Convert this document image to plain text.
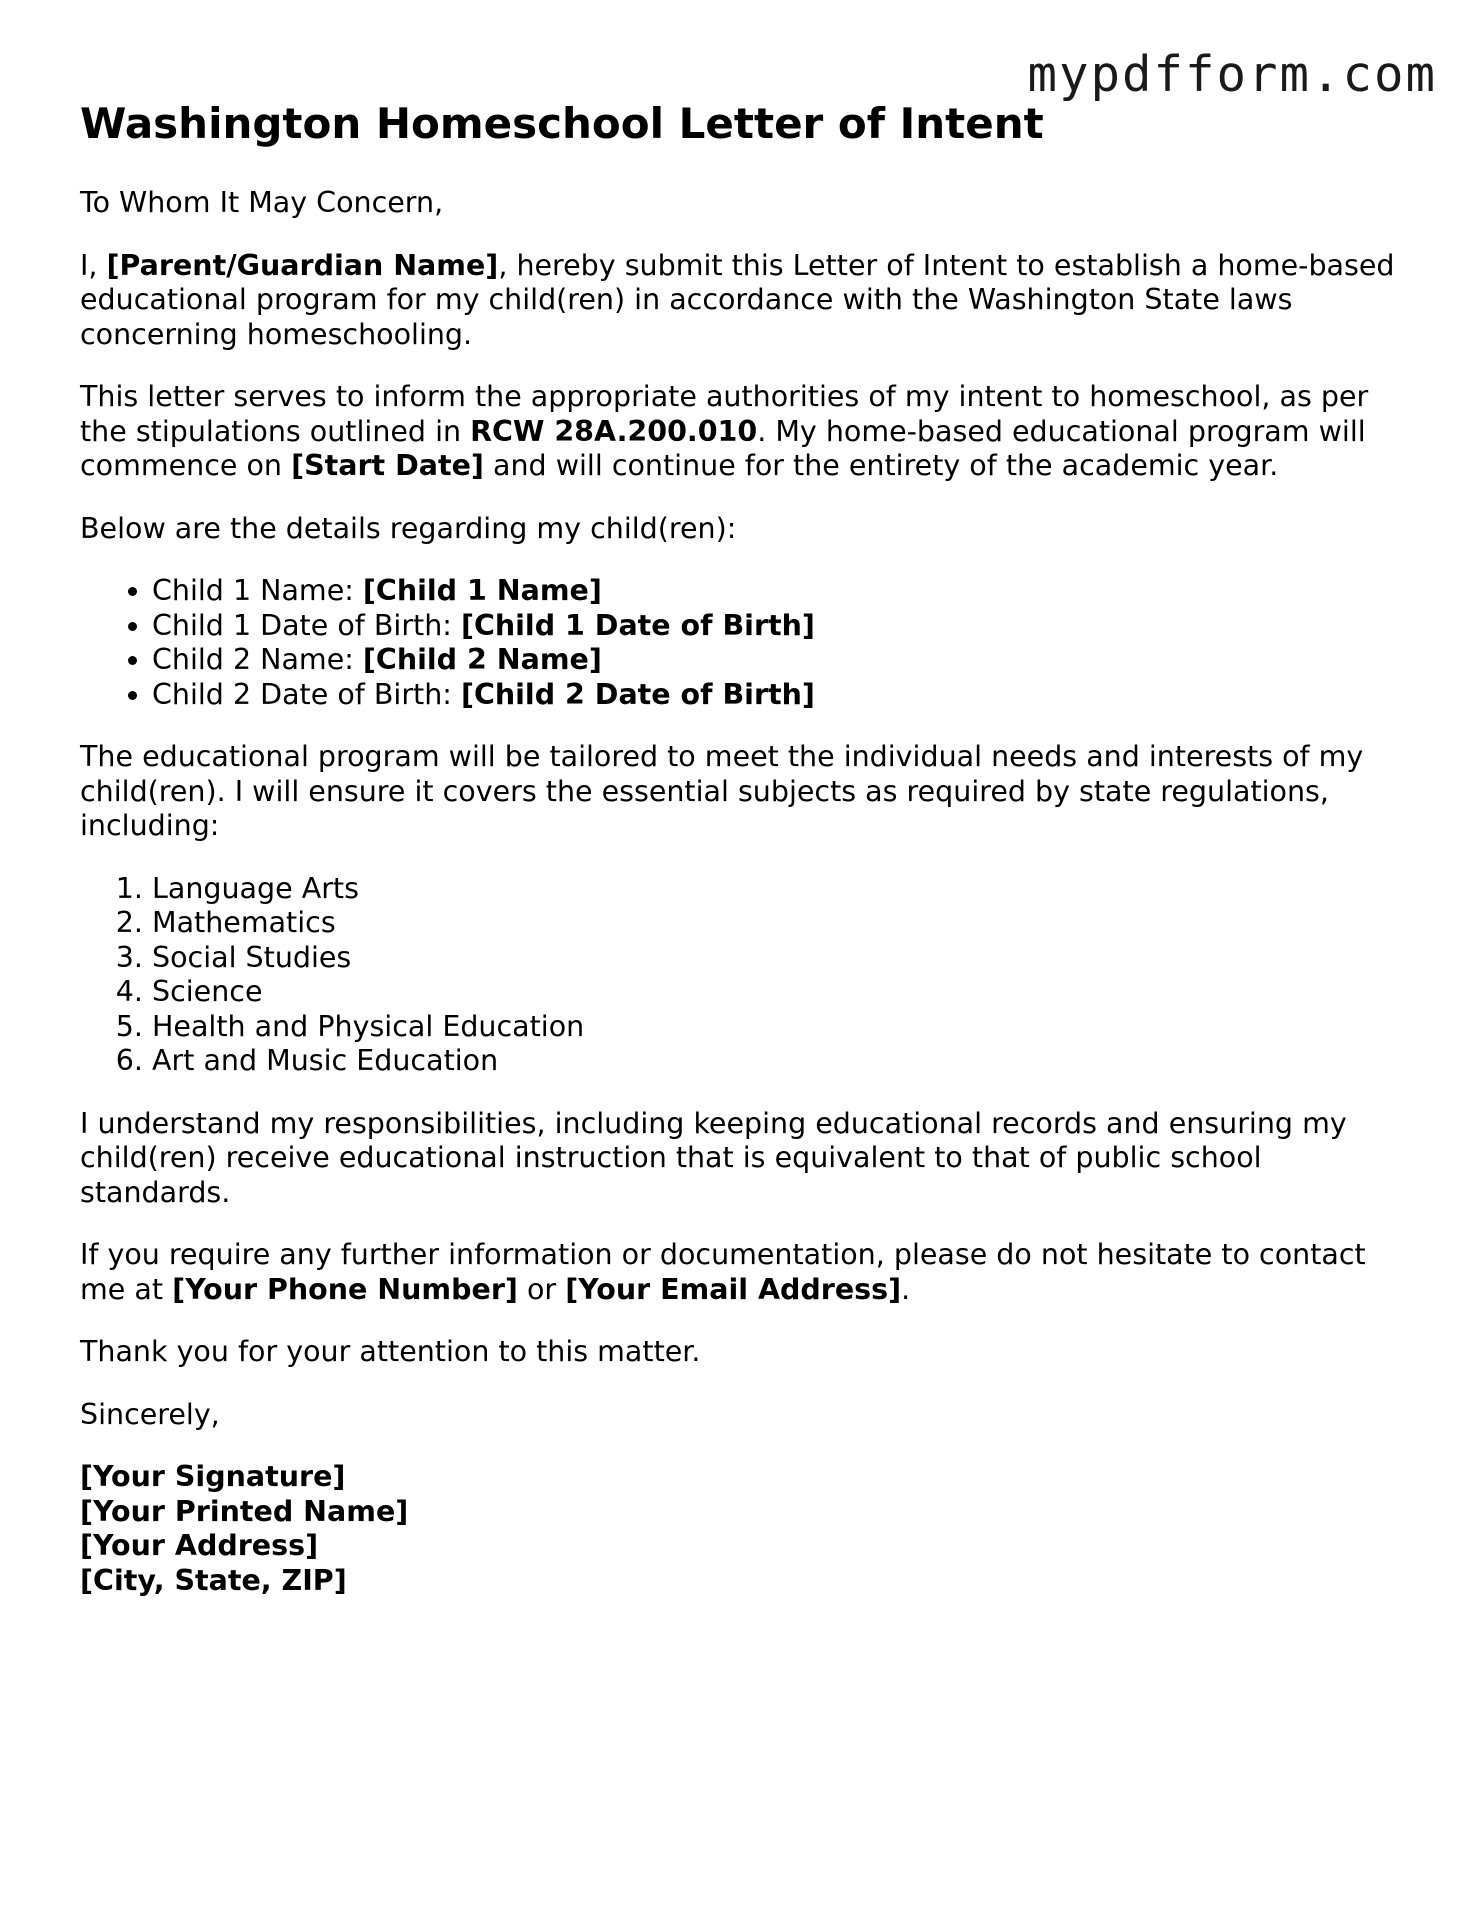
mypdfform.com
Washington Homeschool Letter of Intent

To Whom It May Concern,

I, [Parent/Guardian Name], hereby submit this Letter of Intent to establish a home-based educational program for my child(ren) in accordance with the Washington State laws concerning homeschooling.

This letter serves to inform the appropriate authorities of my intent to homeschool, as per the stipulations outlined in RCW 28A.200.010. My home-based educational program will commence on [Start Date] and will continue for the entirety of the academic year.

Below are the details regarding my child(ren):

• Child 1 Name: [Child 1 Name]
• Child 1 Date of Birth: [Child 1 Date of Birth]
• Child 2 Name: [Child 2 Name]
• Child 2 Date of Birth: [Child 2 Date of Birth]

The educational program will be tailored to meet the individual needs and interests of my child(ren). I will ensure it covers the essential subjects as required by state regulations, including:

1. Language Arts
2. Mathematics
3. Social Studies
4. Science
5. Health and Physical Education
6. Art and Music Education

I understand my responsibilities, including keeping educational records and ensuring my child(ren) receive educational instruction that is equivalent to that of public school standards.

If you require any further information or documentation, please do not hesitate to contact me at [Your Phone Number] or [Your Email Address].

Thank you for your attention to this matter.

Sincerely,

[Your Signature]
[Your Printed Name]
[Your Address]
[City, State, ZIP]
